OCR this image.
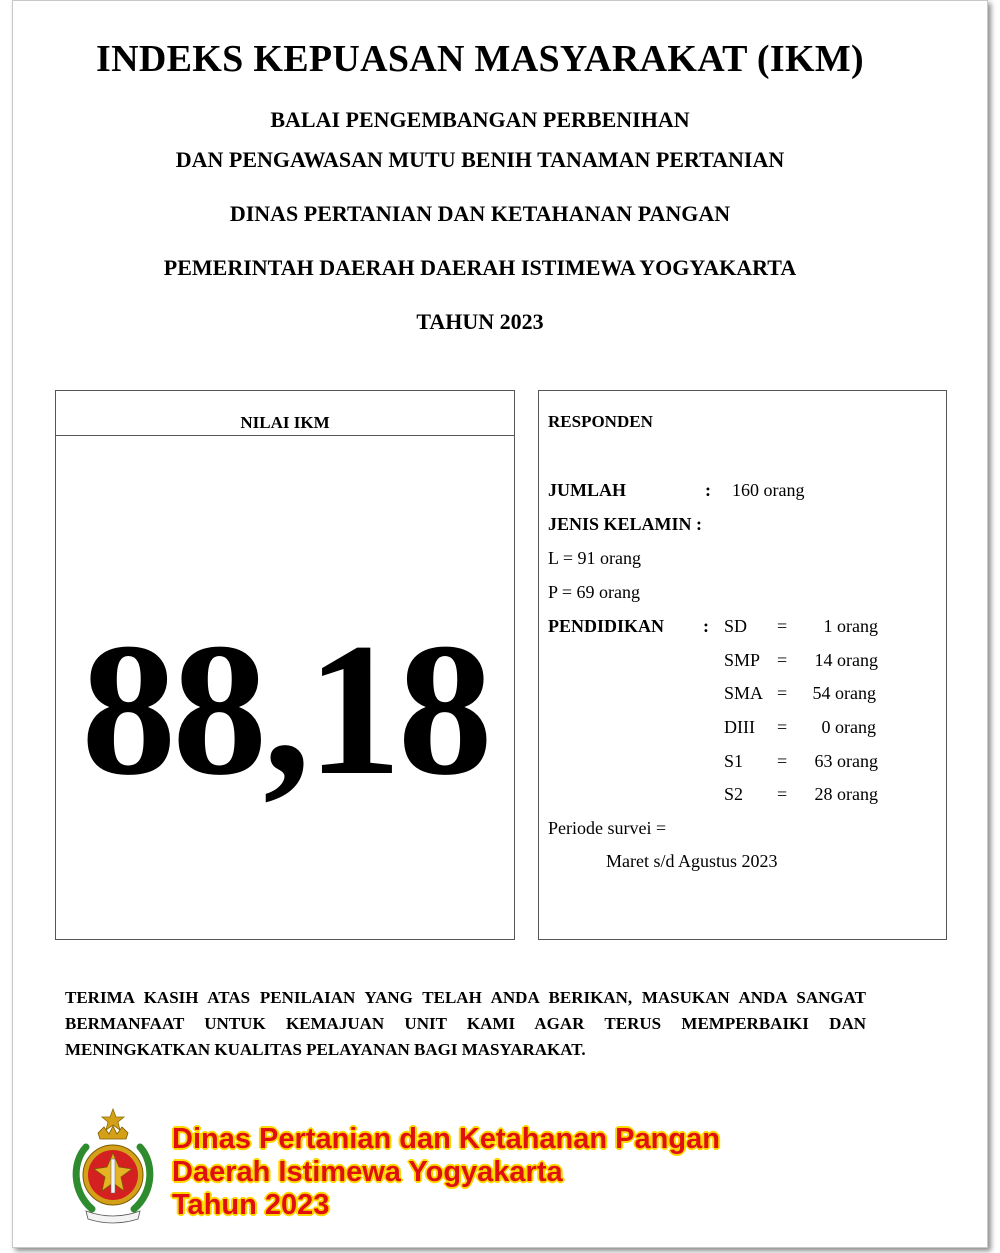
INDEKS KEPUASAN MASYARAKAT (IKM)
BALAI PENGEMBANGAN PERBENIHAN
DAN PENGAWASAN MUTU BENIH TANAMAN PERTANIAN
DINAS PERTANIAN DAN KETAHANAN PANGAN
PEMERINTAH DAERAH DAERAH ISTIMEWA YOGYAKARTA
TAHUN 2023
NILAI IKM
88,18
RESPONDEN
JUMLAH	: 160 orang
JENIS KELAMIN :
L = 91 orang
P = 69 orang
PENDIDIKAN : SD = 1 orang
SMP = 14 orang
SMA = 54 orang
DIII = 0 orang
S1 = 63 orang
S2 = 28 orang
Periode survei =
Maret s/d Agustus 2023
TERIMA KASIH ATAS PENILAIAN YANG TELAH ANDA BERIKAN, MASUKAN ANDA SANGAT BERMANFAAT UNTUK KEMAJUAN UNIT KAMI AGAR TERUS MEMPERBAIKI DAN MENINGKATKAN KUALITAS PELAYANAN BAGI MASYARAKAT.
Dinas Pertanian dan Ketahanan Pangan
Daerah Istimewa Yogyakarta
Tahun 2023
